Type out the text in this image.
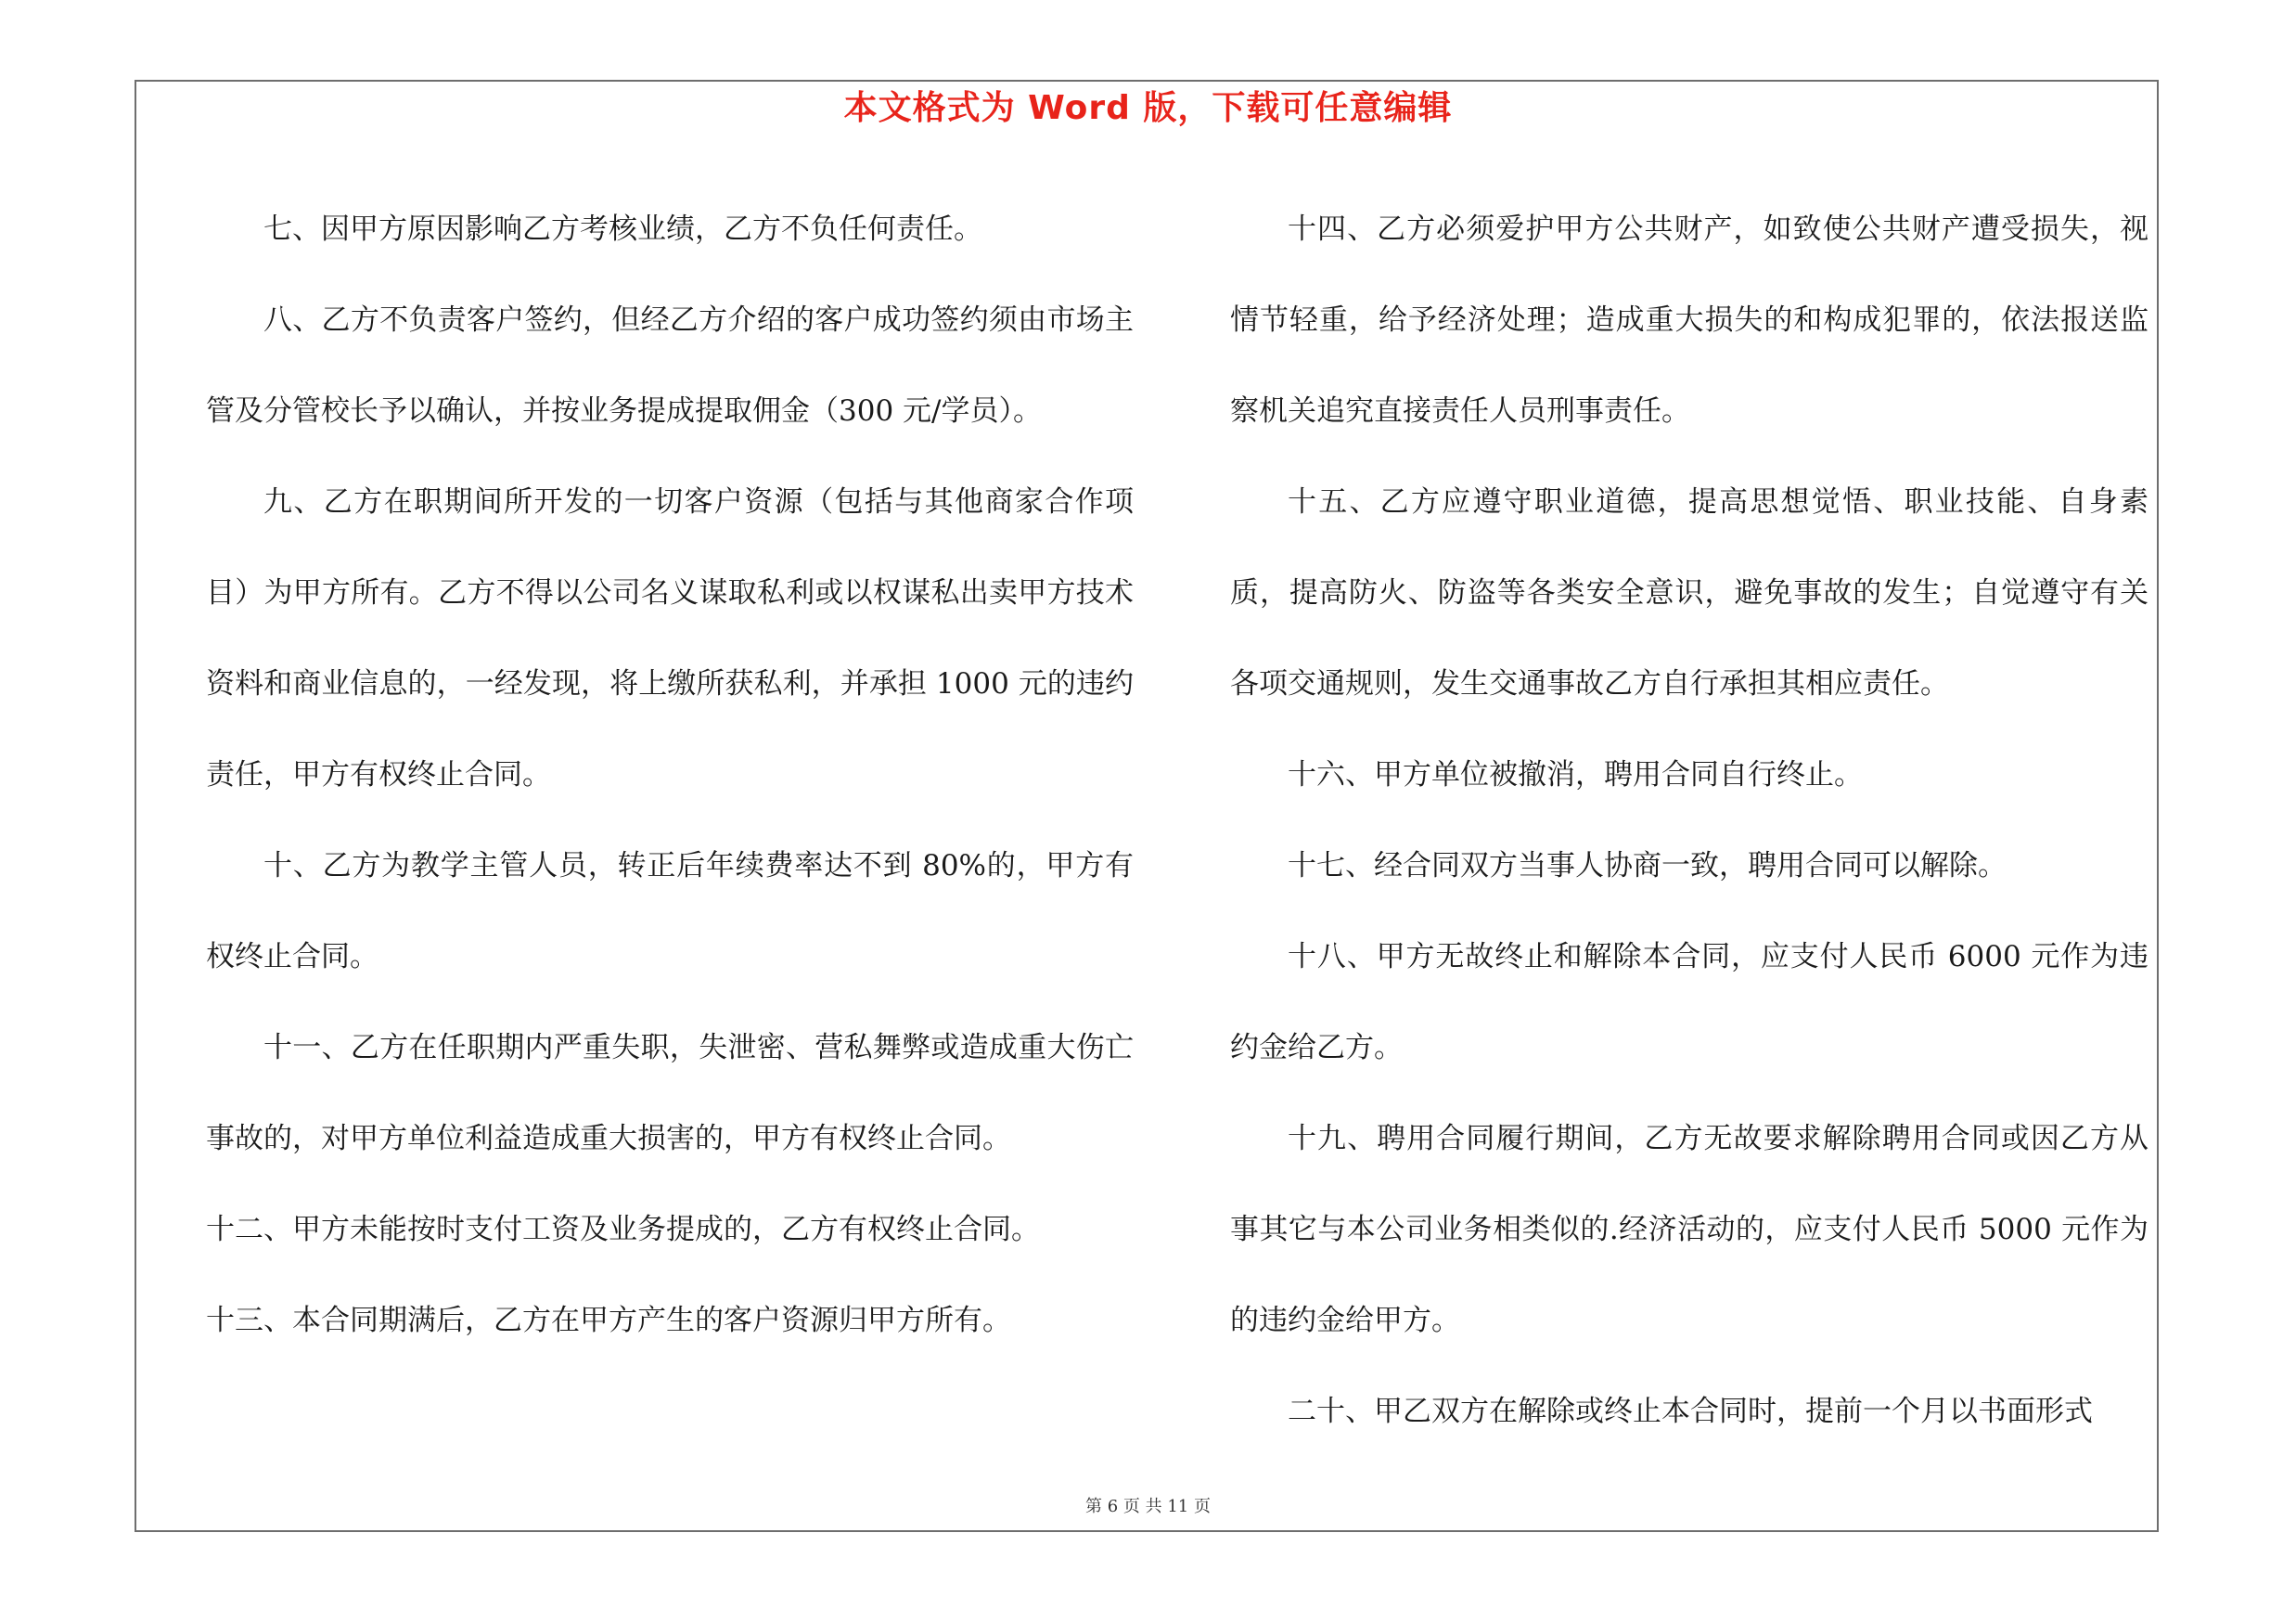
本文格式为 Word 版，下载可任意编辑

七、因甲方原因影响乙方考核业绩，乙方不负任何责任。

八、乙方不负责客户签约，但经乙方介绍的客户成功签约须由市场主管及分管校长予以确认，并按业务提成提取佣金（300 元/学员）。

九、乙方在职期间所开发的一切客户资源（包括与其他商家合作项目）为甲方所有。乙方不得以公司名义谋取私利或以权谋私出卖甲方技术资料和商业信息的，一经发现，将上缴所获私利，并承担 1000 元的违约责任，甲方有权终止合同。

十、乙方为教学主管人员，转正后年续费率达不到 80%的，甲方有权终止合同。

十一、乙方在任职期内严重失职，失泄密、营私舞弊或造成重大伤亡事故的，对甲方单位利益造成重大损害的，甲方有权终止合同。

十二、甲方未能按时支付工资及业务提成的，乙方有权终止合同。

十三、本合同期满后，乙方在甲方产生的客户资源归甲方所有。

十四、乙方必须爱护甲方公共财产，如致使公共财产遭受损失，视情节轻重，给予经济处理；造成重大损失的和构成犯罪的，依法报送监察机关追究直接责任人员刑事责任。

十五、乙方应遵守职业道德，提高思想觉悟、职业技能、自身素质，提高防火、防盗等各类安全意识，避免事故的发生；自觉遵守有关各项交通规则，发生交通事故乙方自行承担其相应责任。

十六、甲方单位被撤消，聘用合同自行终止。

十七、经合同双方当事人协商一致，聘用合同可以解除。

十八、甲方无故终止和解除本合同，应支付人民币 6000 元作为违约金给乙方。

十九、聘用合同履行期间，乙方无故要求解除聘用合同或因乙方从事其它与本公司业务相类似的.经济活动的，应支付人民币 5000 元作为的违约金给甲方。

二十、甲乙双方在解除或终止本合同时，提前一个月以书面形式

第 6 页 共 11 页
